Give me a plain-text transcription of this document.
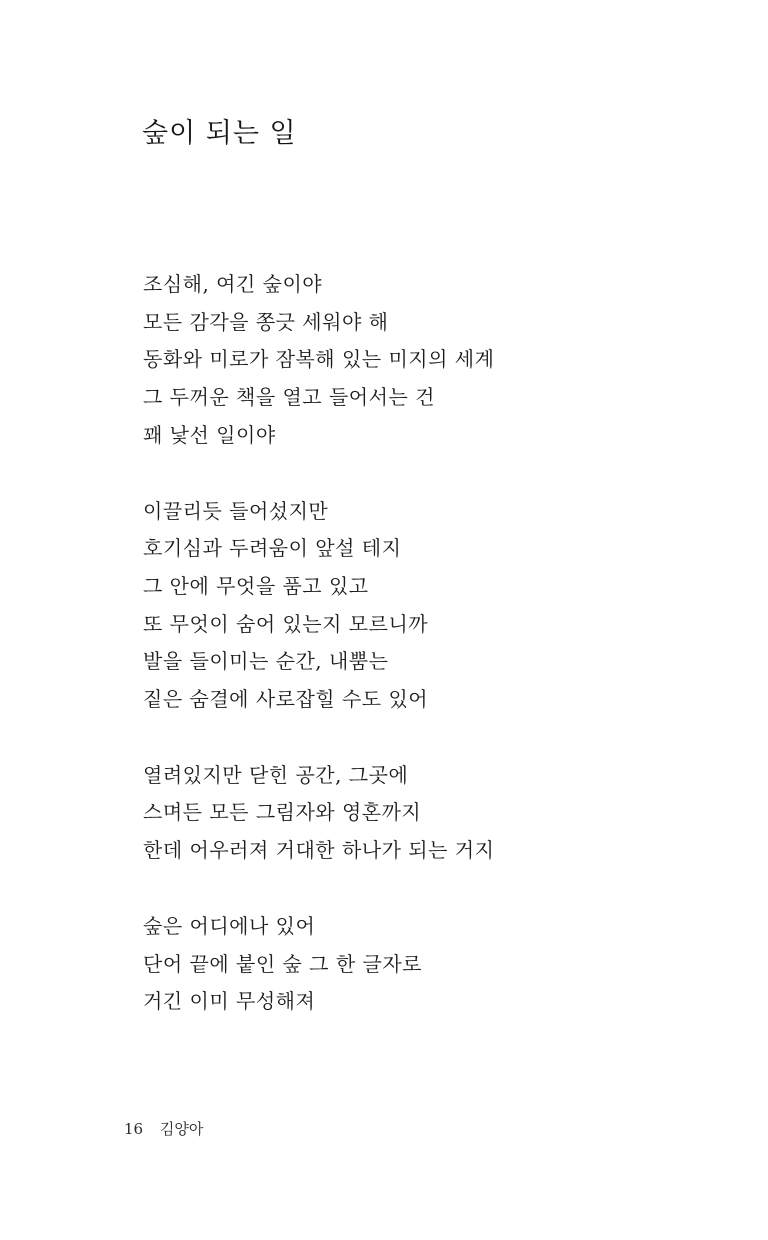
숲이 되는 일
조심해, 여긴 숲이야
모든 감각을 쫑긋 세워야 해
동화와 미로가 잠복해 있는 미지의 세계
그 두꺼운 책을 열고 들어서는 건
꽤 낯선 일이야
이끌리듯 들어섰지만
호기심과 두려움이 앞설 테지
그 안에 무엇을 품고 있고
또 무엇이 숨어 있는지 모르니까
발을 들이미는 순간, 내뿜는
짙은 숨결에 사로잡힐 수도 있어
열려있지만 닫힌 공간, 그곳에
스며든 모든 그림자와 영혼까지
한데 어우러져 거대한 하나가 되는 거지
숲은 어디에나 있어
단어 끝에 붙인 숲 그 한 글자로
거긴 이미 무성해져
16 김양아
